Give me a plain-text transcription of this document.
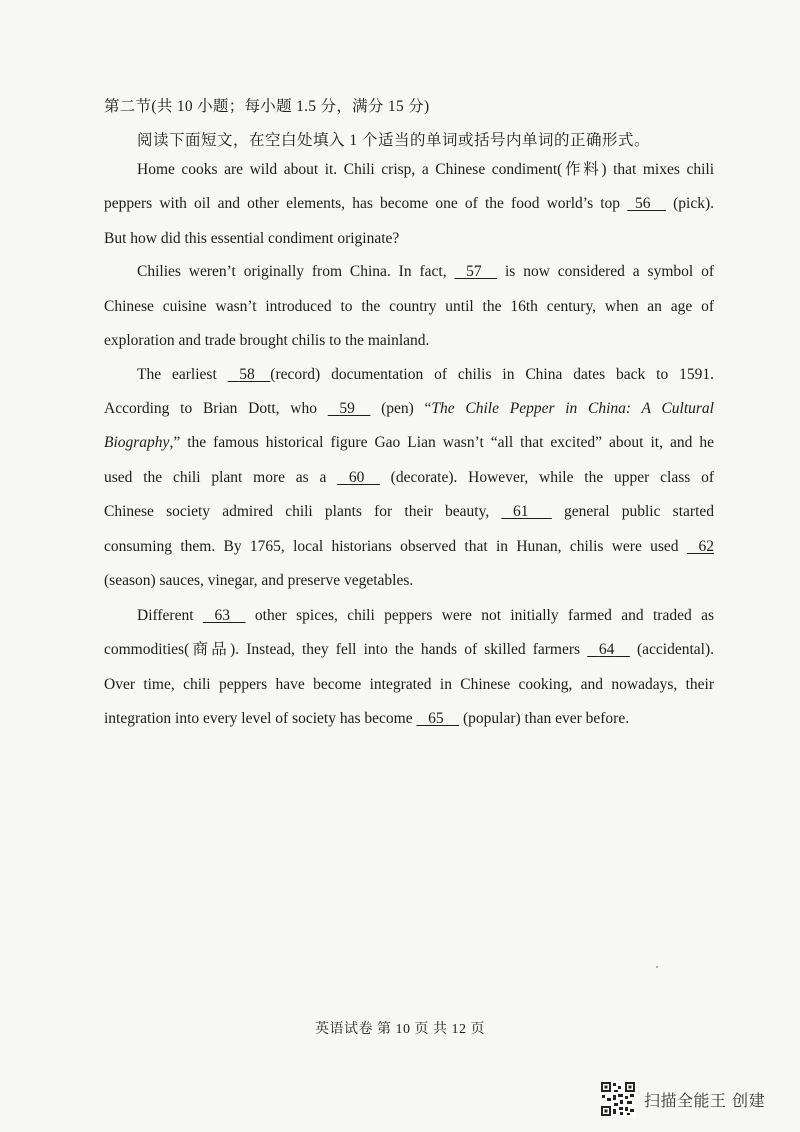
第二节(共 10 小题；每小题 1.5 分，满分 15 分)
阅读下面短文，在空白处填入 1 个适当的单词或括号内单词的正确形式。
Home cooks are wild about it. Chili crisp, a Chinese condiment(作料) that mixes chili
peppers with oil and other elements, has become one of the food world’s top   56     (pick).
But how did this essential condiment originate?
Chilies weren’t originally from China. In fact,    57     is now considered a symbol of
Chinese cuisine wasn’t introduced to the country until the 16th century, when an age of
exploration and trade brought chilis to the mainland.
The earliest    58 (record) documentation of chilis in China dates back to 1591.
According to Brian Dott, who    59     (pen) “The Chile Pepper in China: A Cultural
Biography,” the famous historical figure Gao Lian wasn’t “all that excited” about it, and he
used the chili plant more as a    60     (decorate). However, while the upper class of
Chinese society admired chili plants for their beauty,    61       general public started
consuming them. By 1765, local historians observed that in Hunan, chilis were used    62
(season) sauces, vinegar, and preserve vegetables.
Different    63     other spices, chili peppers were not initially farmed and traded as
commodities(商品). Instead, they fell into the hands of skilled farmers    64     (accidental).
Over time, chili peppers have become integrated in Chinese cooking, and nowadays, their
integration into every level of society has become    65     (popular) than ever before.
英语试卷 第 10 页 共 12 页
扫描全能王 创建
